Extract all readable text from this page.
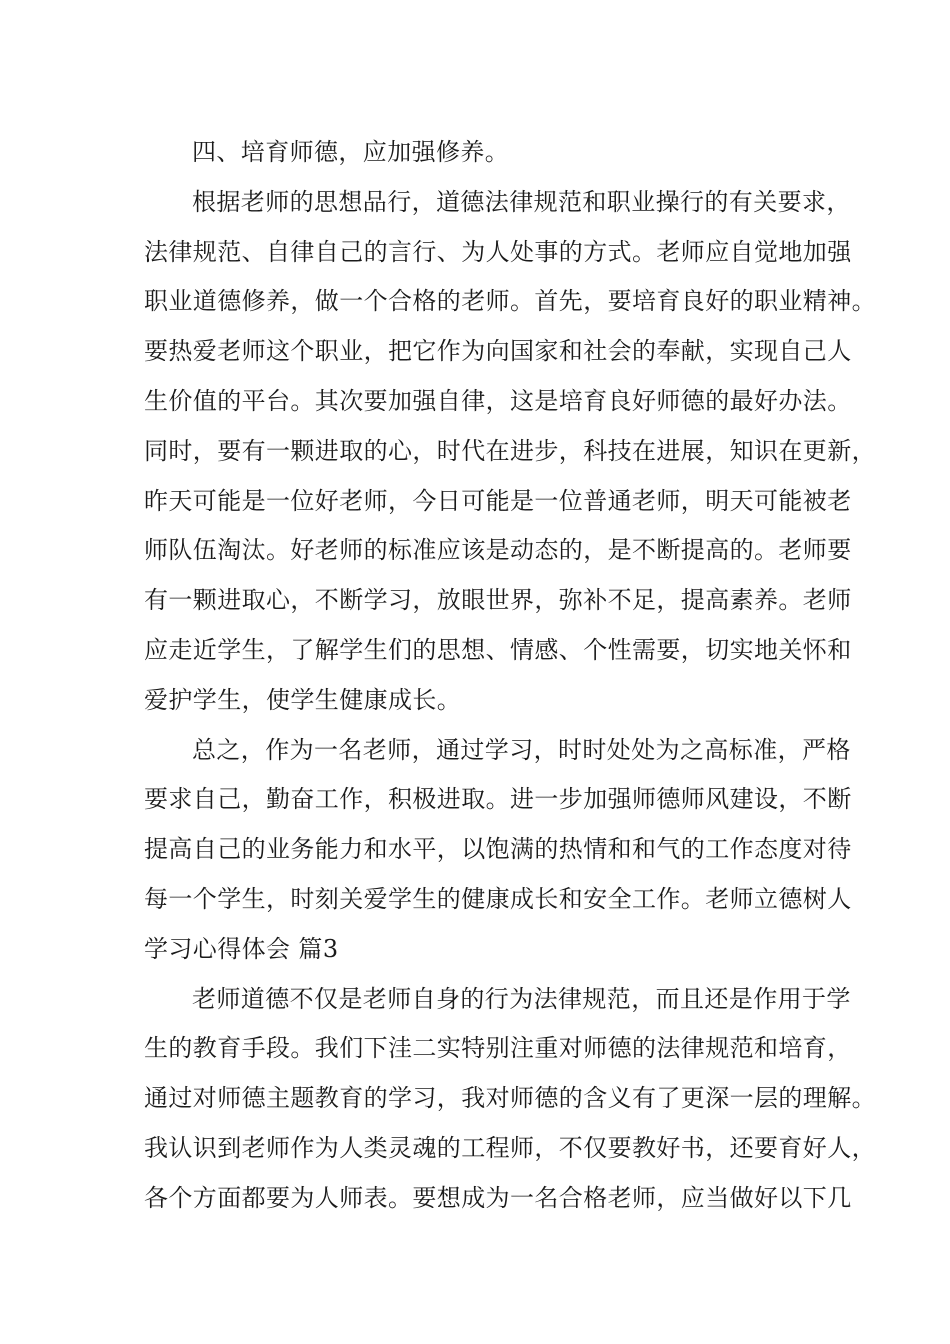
四、培育师德，应加强修养。
根据老师的思想品行，道德法律规范和职业操行的有关要求，
法律规范、自律自己的言行、为人处事的方式。老师应自觉地加强
职业道德修养，做一个合格的老师。首先，要培育良好的职业精神。
要热爱老师这个职业，把它作为向国家和社会的奉献，实现自己人
生价值的平台。其次要加强自律，这是培育良好师德的最好办法。
同时，要有一颗进取的心，时代在进步，科技在进展，知识在更新，
昨天可能是一位好老师，今日可能是一位普通老师，明天可能被老
师队伍淘汰。好老师的标准应该是动态的，是不断提高的。老师要
有一颗进取心，不断学习，放眼世界，弥补不足，提高素养。老师
应走近学生，了解学生们的思想、情感、个性需要，切实地关怀和
爱护学生，使学生健康成长。
总之，作为一名老师，通过学习，时时处处为之高标准，严格
要求自己，勤奋工作，积极进取。进一步加强师德师风建设，不断
提高自己的业务能力和水平，以饱满的热情和和气的工作态度对待
每一个学生，时刻关爱学生的健康成长和安全工作。老师立德树人
学习心得体会 篇3
老师道德不仅是老师自身的行为法律规范，而且还是作用于学
生的教育手段。我们下洼二实特别注重对师德的法律规范和培育，
通过对师德主题教育的学习，我对师德的含义有了更深一层的理解。
我认识到老师作为人类灵魂的工程师，不仅要教好书，还要育好人，
各个方面都要为人师表。要想成为一名合格老师，应当做好以下几
